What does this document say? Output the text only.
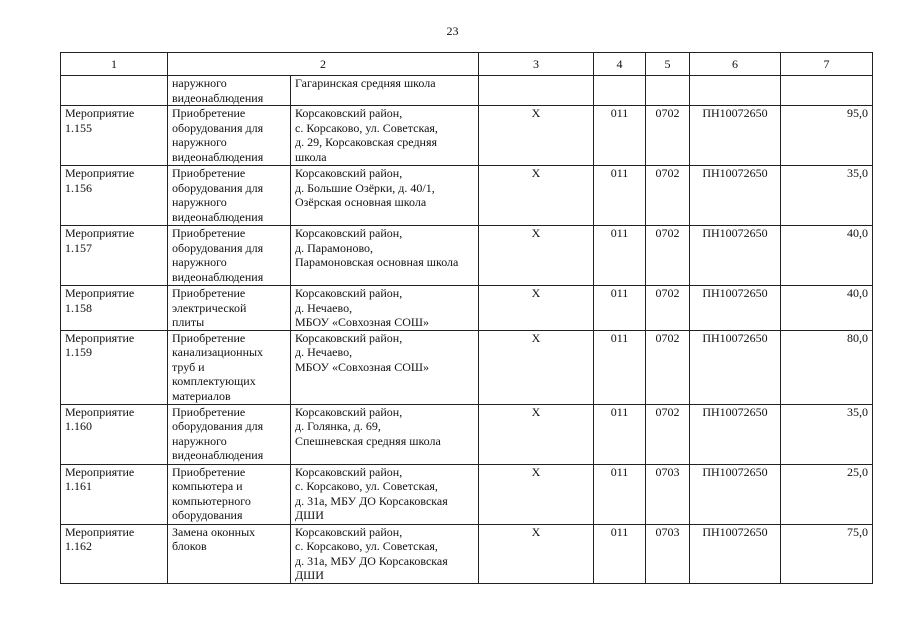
23
1	2		3	4	5	6	7
	наружного
видеонаблюдения	Гагаринская средняя школа					
Мероприятие
1.155	Приобретение
оборудования для
наружного
видеонаблюдения	Корсаковский район,
с. Корсаково, ул. Советская,
д. 29, Корсаковская средняя
школа	Х	011	0702	ПН10072650	95,0
Мероприятие
1.156	Приобретение
оборудования для
наружного
видеонаблюдения	Корсаковский район,
д. Большие Озёрки, д. 40/1,
Озёрская основная школа	Х	011	0702	ПН10072650	35,0
Мероприятие
1.157	Приобретение
оборудования для
наружного
видеонаблюдения	Корсаковский район,
д. Парамоново,
Парамоновская основная школа	Х	011	0702	ПН10072650	40,0
Мероприятие
1.158	Приобретение
электрической
плиты	Корсаковский район,
д. Нечаево,
МБОУ «Совхозная СОШ»	Х	011	0702	ПН10072650	40,0
Мероприятие
1.159	Приобретение
канализационных
труб и
комплектующих
материалов	Корсаковский район,
д. Нечаево,
МБОУ «Совхозная СОШ»	Х	011	0702	ПН10072650	80,0
Мероприятие
1.160	Приобретение
оборудования для
наружного
видеонаблюдения	Корсаковский район,
д. Голянка, д. 69,
Спешневская средняя школа	Х	011	0702	ПН10072650	35,0
Мероприятие
1.161	Приобретение
компьютера и
компьютерного
оборудования	Корсаковский район,
с. Корсаково, ул. Советская,
д. 31а, МБУ ДО Корсаковская
ДШИ	Х	011	0703	ПН10072650	25,0
Мероприятие
1.162	Замена оконных
блоков	Корсаковский район,
с. Корсаково, ул. Советская,
д. 31а, МБУ ДО Корсаковская
ДШИ	Х	011	0703	ПН10072650	75,0
